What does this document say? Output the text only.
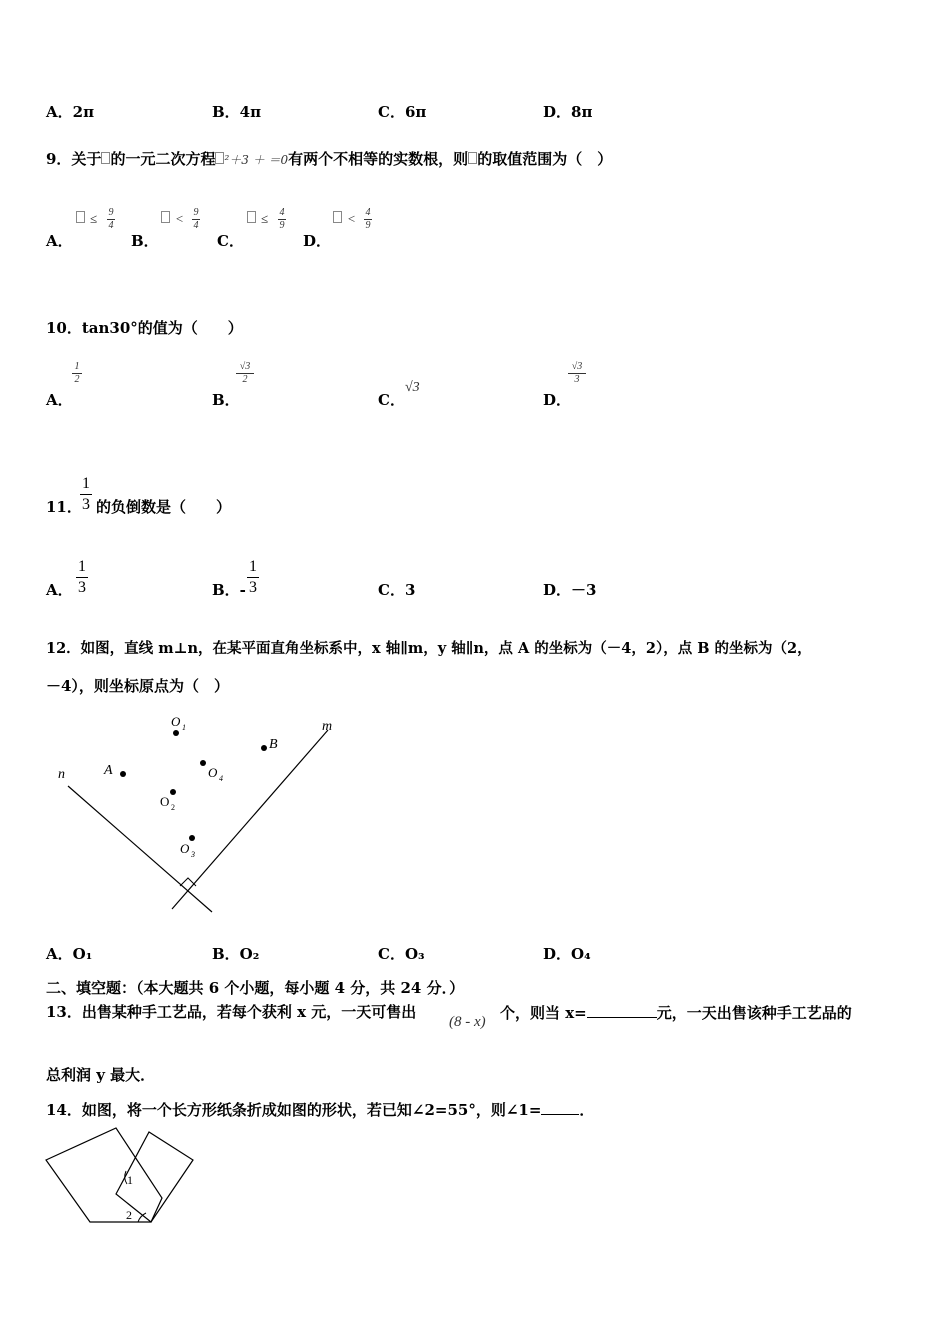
A．2π	B．4π	C．6π	D．8π
9．关于 的一元二次方程 ²＋3 ＋ ＝0有两个不相等的实数根，则 的取值范围为（　）
A．
≤ 9
4
B．
< 9
4
C．
≤ 4
9
D．
< 4
9
10．tan30°的值为（　　）
A．
1
2
B．
√3
2
C．
√3
D．
√3
3
11．
1
3 的负倒数是（　　）
A．
1
3	B．-
1
3	C．3	D．－3
12．如图，直线 m⊥n，在某平面直角坐标系中，x 轴∥m，y 轴∥n，点 A 的坐标为（－4，2），点 B 的坐标为（2，
－4），则坐标原点为（　）
n
m
A
B
O 1
O 4
O 2
O 3
A．O₁	B．O₂	C．O₃	D．O₄
二、填空题：（本大题共 6 个小题，每小题 4 分，共 24 分．）
13．出售某种手工艺品，若每个获利 x 元，一天可售出
(8 - x) 个，则当 x=	元，一天出售该种手工艺品的
总利润 y 最大．
14．如图，将一个长方形纸条折成如图的形状，若已知∠2=55°，则∠1=	．
1
2
